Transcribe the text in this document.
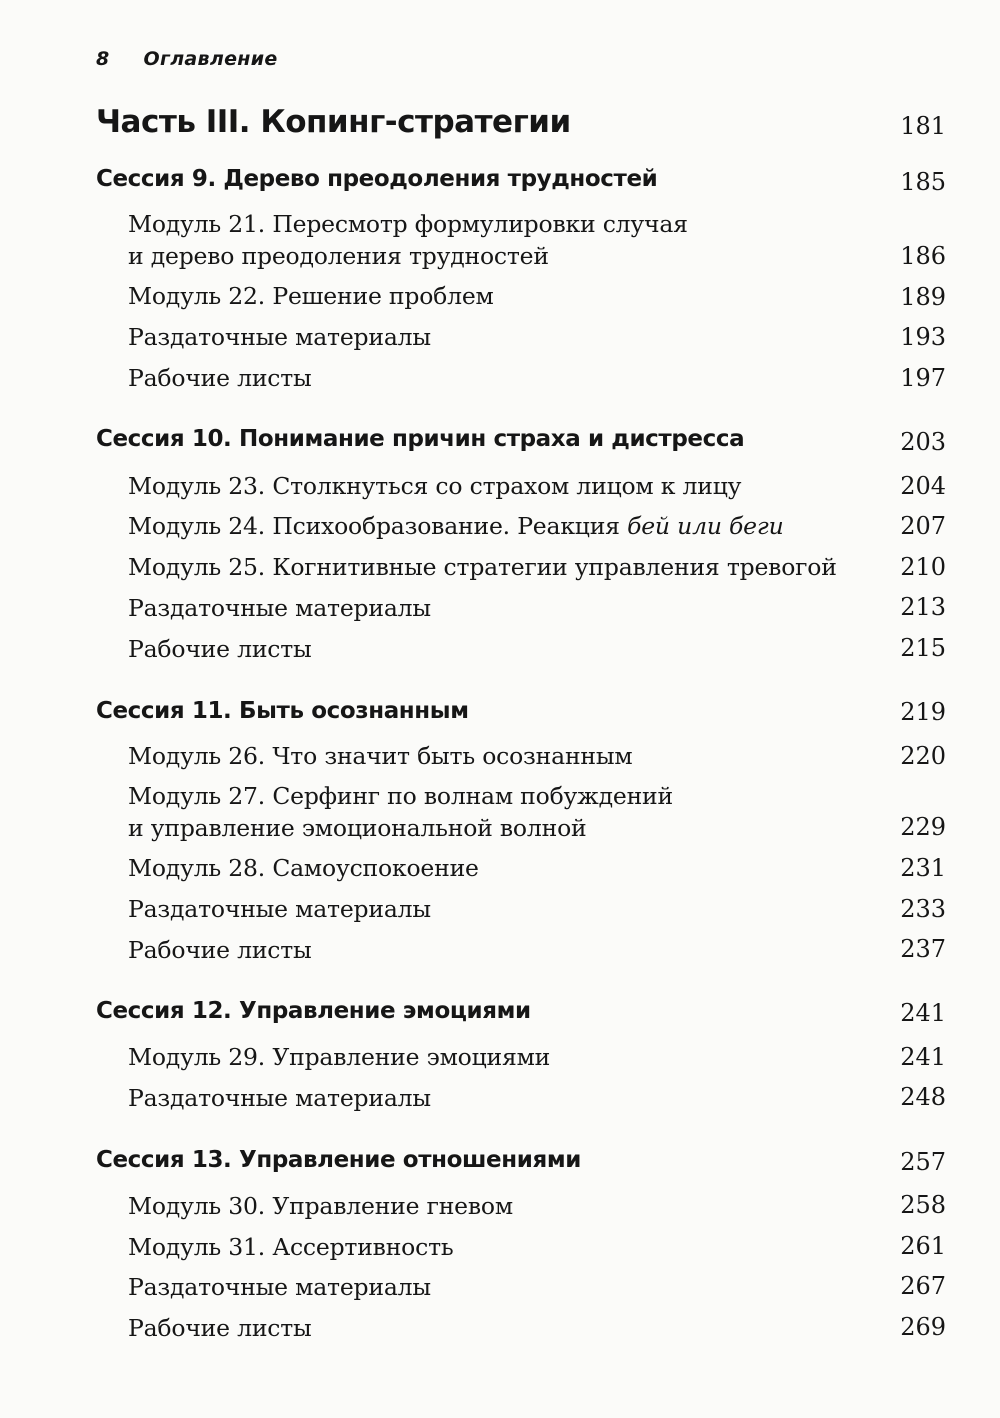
8 Оглавление
Часть III. Копинг-стратегии	181
Сессия 9. Дерево преодоления трудностей	185
Модуль 21. Пересмотр формулировки случая
и дерево преодоления трудностей	186
Модуль 22. Решение проблем	189
Раздаточные материалы	193
Рабочие листы	197
Сессия 10. Понимание причин страха и дистресса	203
Модуль 23. Столкнуться со страхом лицом к лицу	204
Модуль 24. Психообразование. Реакция бей или беги	207
Модуль 25. Когнитивные стратегии управления тревогой	210
Раздаточные материалы	213
Рабочие листы	215
Сессия 11. Быть осознанным	219
Модуль 26. Что значит быть осознанным	220
Модуль 27. Серфинг по волнам побуждений
и управление эмоциональной волной	229
Модуль 28. Самоуспокоение	231
Раздаточные материалы	233
Рабочие листы	237
Сессия 12. Управление эмоциями	241
Модуль 29. Управление эмоциями	241
Раздаточные материалы	248
Сессия 13. Управление отношениями	257
Модуль 30. Управление гневом	258
Модуль 31. Ассертивность	261
Раздаточные материалы	267
Рабочие листы	269
